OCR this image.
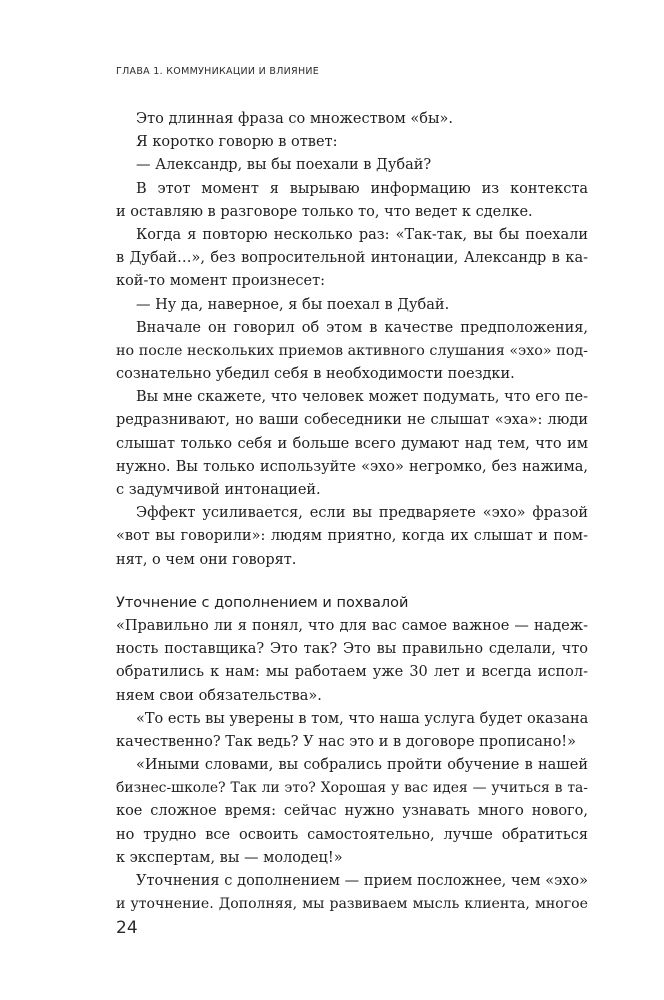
ГЛАВА 1. КОММУНИКАЦИИ И ВЛИЯНИЕ
Это длинная фраза со множеством «бы».
Я коротко говорю в ответ:
— Александр, вы бы поехали в Дубай?
В этот момент я вырываю информацию из контекста
и оставляю в разговоре только то, что ведет к сделке.
Когда я повторю несколько раз: «Так-так, вы бы поехали
в Дубай…», без вопросительной интонации, Александр в ка-
кой-то момент произнесет:
— Ну да, наверное, я бы поехал в Дубай.
Вначале он говорил об этом в качестве предположения,
но после нескольких приемов активного слушания «эхо» под-
сознательно убедил себя в необходимости поездки.
Вы мне скажете, что человек может подумать, что его пе-
редразнивают, но ваши собеседники не слышат «эха»: люди
слышат только себя и больше всего думают над тем, что им
нужно. Вы только используйте «эхо» негромко, без нажима,
с задумчивой интонацией.
Эффект усиливается, если вы предваряете «эхо» фразой
«вот вы говорили»: людям приятно, когда их слышат и пом-
нят, о чем они говорят.
Уточнение с дополнением и похвалой
«Правильно ли я понял, что для вас самое важное — надеж-
ность поставщика? Это так? Это вы правильно сделали, что
обратились к нам: мы работаем уже 30 лет и всегда испол-
няем свои обязательства».
«То есть вы уверены в том, что наша услуга будет оказана
качественно? Так ведь? У нас это и в договоре прописано!»
«Иными словами, вы собрались пройти обучение в нашей
бизнес-школе? Так ли это? Хорошая у вас идея — учиться в та-
кое сложное время: сейчас нужно узнавать много нового,
но трудно все освоить самостоятельно, лучше обратиться
к экспертам, вы — молодец!»
Уточнения с дополнением — прием посложнее, чем «эхо»
и уточнение. Дополняя, мы развиваем мысль клиента, многое
24
